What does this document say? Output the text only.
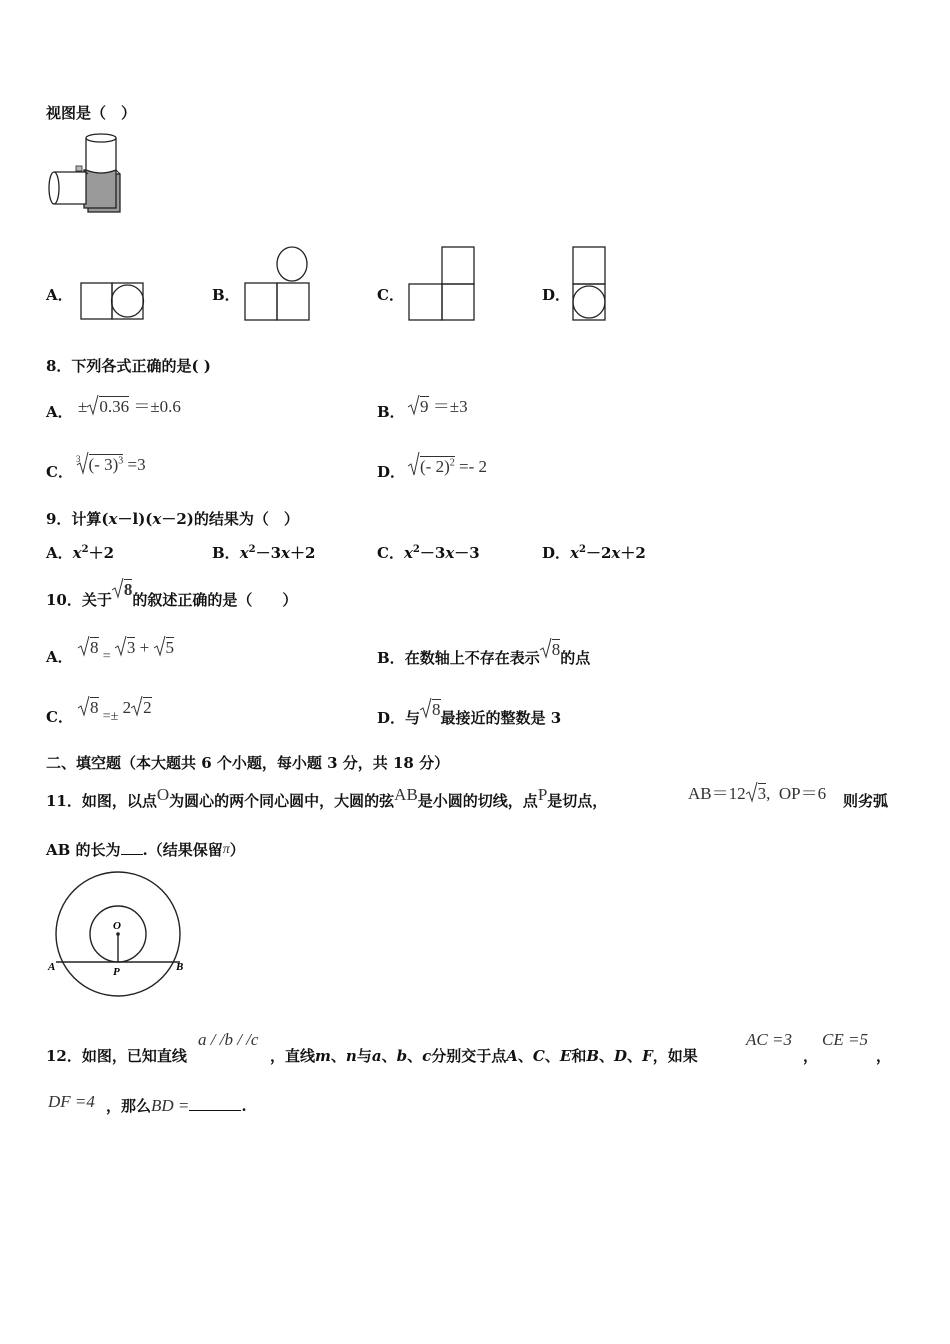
视图是（　）
A．	B．	C．	D．
8．下列各式正确的是( )
A． ± 0.36 ＝±0.6	B． 9 ＝±3
C．
$^3$ (- 3)$^3$ =3	D． (- 2)$^2$ =- 2
9．计算(x－l)(x－2)的结果为（　）
A．$x^2+2$	B．$x^2-3x+2$	C．$x^2-3x-3$	D．$x^2-2x+2$
10．关于8的叙述正确的是（　　）
A．	8 $_=$ 3 + 5
B．在数轴上不存在表示 8的点
C．	8 $_{=\pm}$ 2 2
D．与 8最接近的整数是 3
二、填空题（本大题共 6 个小题，每小题 3 分，共 18 分）
11．如图，以点O为圆心的两个同心圆中，大圆的弦AB是小圆的切线，点P是切点，	AB＝12 3, OP＝6 则劣弧
AB 的长为 .（结果保留π）
O
A	B
P
12．如图，已知直线
a / /b / /c
，直线m、n与a、b、c分别交于点A、C、E和B、D、F，如果
AC =3
，
CE =5
，
DF =4 ，那么BD =	.
